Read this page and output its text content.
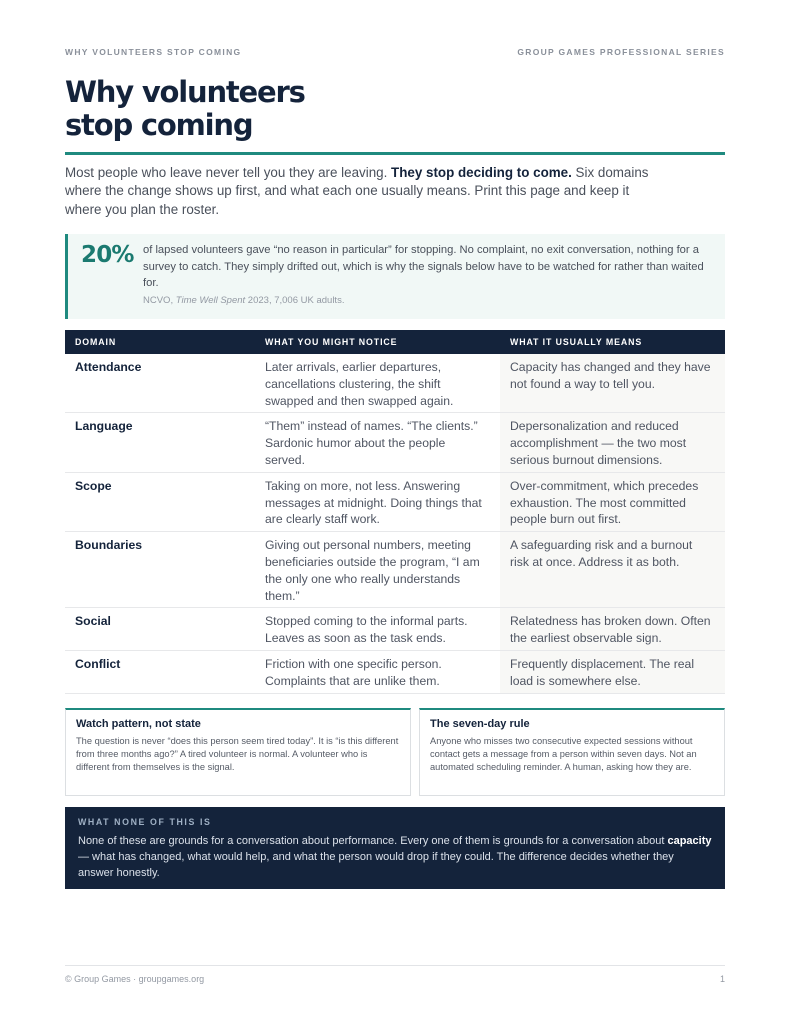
WHY VOLUNTEERS STOP COMING	GROUP GAMES PROFESSIONAL SERIES
Why volunteers
stop coming

Most people who leave never tell you they are leaving. They stop deciding to come. Six domains where the change shows up first, and what each one usually means. Print this page and keep it where you plan the roster.

20% of lapsed volunteers gave “no reason in particular” for stopping. No complaint, no exit conversation, nothing for a survey to catch. They simply drifted out, which is why the signals below have to be watched for rather than waited for.
NCVO, Time Well Spent 2023, 7,006 UK adults.
DOMAIN	WHAT YOU MIGHT NOTICE	WHAT IT USUALLY MEANS
Attendance	Later arrivals, earlier departures, cancellations clustering, the shift swapped and then swapped again.	Capacity has changed and they have not found a way to tell you.
Language	“Them” instead of names. “The clients.” Sardonic humor about the people served.	Depersonalization and reduced accomplishment — the two most serious burnout dimensions.
Scope	Taking on more, not less. Answering messages at midnight. Doing things that are clearly staff work.	Over-commitment, which precedes exhaustion. The most committed people burn out first.
Boundaries	Giving out personal numbers, meeting beneficiaries outside the program, “I am the only one who really understands them.”	A safeguarding risk and a burnout risk at once. Address it as both.
Social	Stopped coming to the informal parts. Leaves as soon as the task ends.	Relatedness has broken down. Often the earliest observable sign.
Conflict	Friction with one specific person. Complaints that are unlike them.	Frequently displacement. The real load is somewhere else.
Watch pattern, not state

The question is never “does this person seem tired today”. It is “is this different from three months ago?” A tired volunteer is normal. A volunteer who is different from themselves is the signal.

The seven-day rule

Anyone who misses two consecutive expected sessions without contact gets a message from a person within seven days. Not an automated scheduling reminder. A human, asking how they are.

WHAT NONE OF THIS IS

None of these are grounds for a conversation about performance. Every one of them is grounds for a conversation about capacity — what has changed, what would help, and what the person would drop if they could. The difference decides whether they answer honestly.

© Group Games · groupgames.org	1
